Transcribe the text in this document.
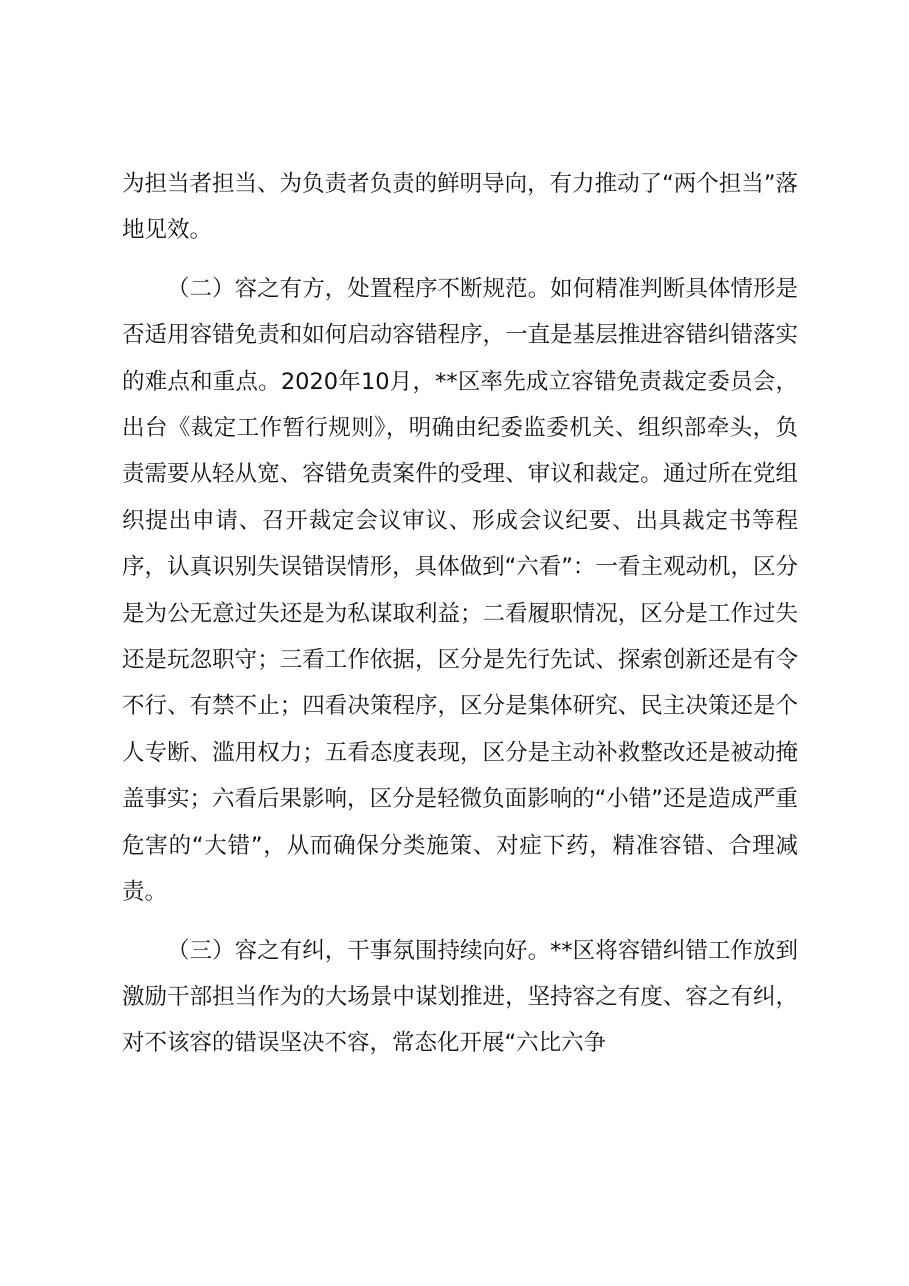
为担当者担当、为负责者负责的鲜明导向，有力推动了“两个担当”落地见效。

（二）容之有方，处置程序不断规范。如何精准判断具体情形是否适用容错免责和如何启动容错程序，一直是基层推进容错纠错落实的难点和重点。2020年10月，**区率先成立容错免责裁定委员会，出台《裁定工作暂行规则》，明确由纪委监委机关、组织部牵头，负责需要从轻从宽、容错免责案件的受理、审议和裁定。通过所在党组织提出申请、召开裁定会议审议、形成会议纪要、出具裁定书等程序，认真识别失误错误情形，具体做到“六看”：一看主观动机，区分是为公无意过失还是为私谋取利益；二看履职情况，区分是工作过失还是玩忽职守；三看工作依据，区分是先行先试、探索创新还是有令不行、有禁不止；四看决策程序，区分是集体研究、民主决策还是个人专断、滥用权力；五看态度表现，区分是主动补救整改还是被动掩盖事实；六看后果影响，区分是轻微负面影响的“小错”还是造成严重危害的“大错”，从而确保分类施策、对症下药，精准容错、合理减责。

（三）容之有纠，干事氛围持续向好。**区将容错纠错工作放到激励干部担当作为的大场景中谋划推进，坚持容之有度、容之有纠，对不该容的错误坚决不容，常态化开展“六比六争
